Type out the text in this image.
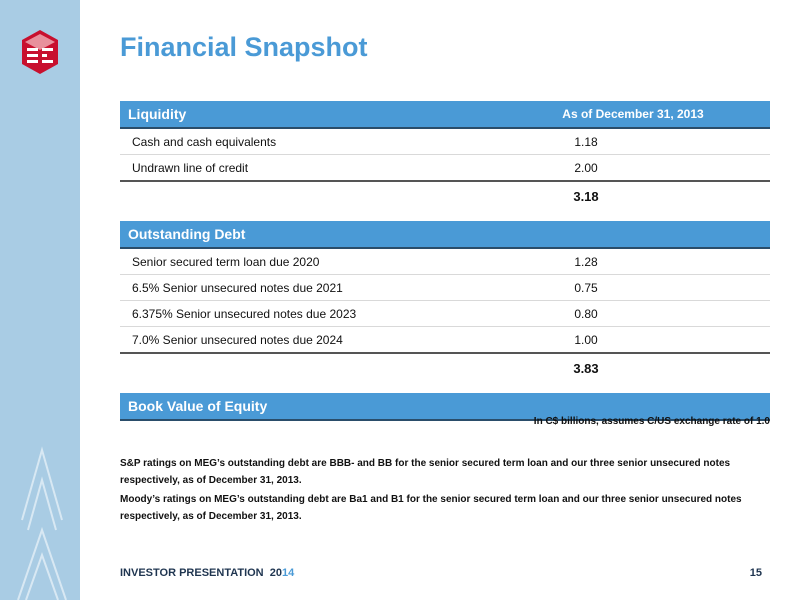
Financial Snapshot
Liquidity	As of December 31, 2013
Cash and cash equivalents	1.18
Undrawn line of credit	2.00
3.18
Outstanding Debt
Senior secured term loan due 2020	1.28
6.5% Senior unsecured notes due 2021	0.75
6.375% Senior unsecured notes due 2023	0.80
7.0% Senior unsecured notes due 2024	1.00
3.83
Book Value of Equity
In C$ billions, assumes C/US exchange rate of 1.0
S&P ratings on MEG’s outstanding debt are BBB- and BB for the senior secured term loan and our three senior unsecured notes respectively, as of December 31, 2013.
Moody’s ratings on MEG’s outstanding debt are Ba1 and B1 for the senior secured term loan and our three senior unsecured notes respectively, as of December 31, 2013.
INVESTOR PRESENTATION 2014	15
